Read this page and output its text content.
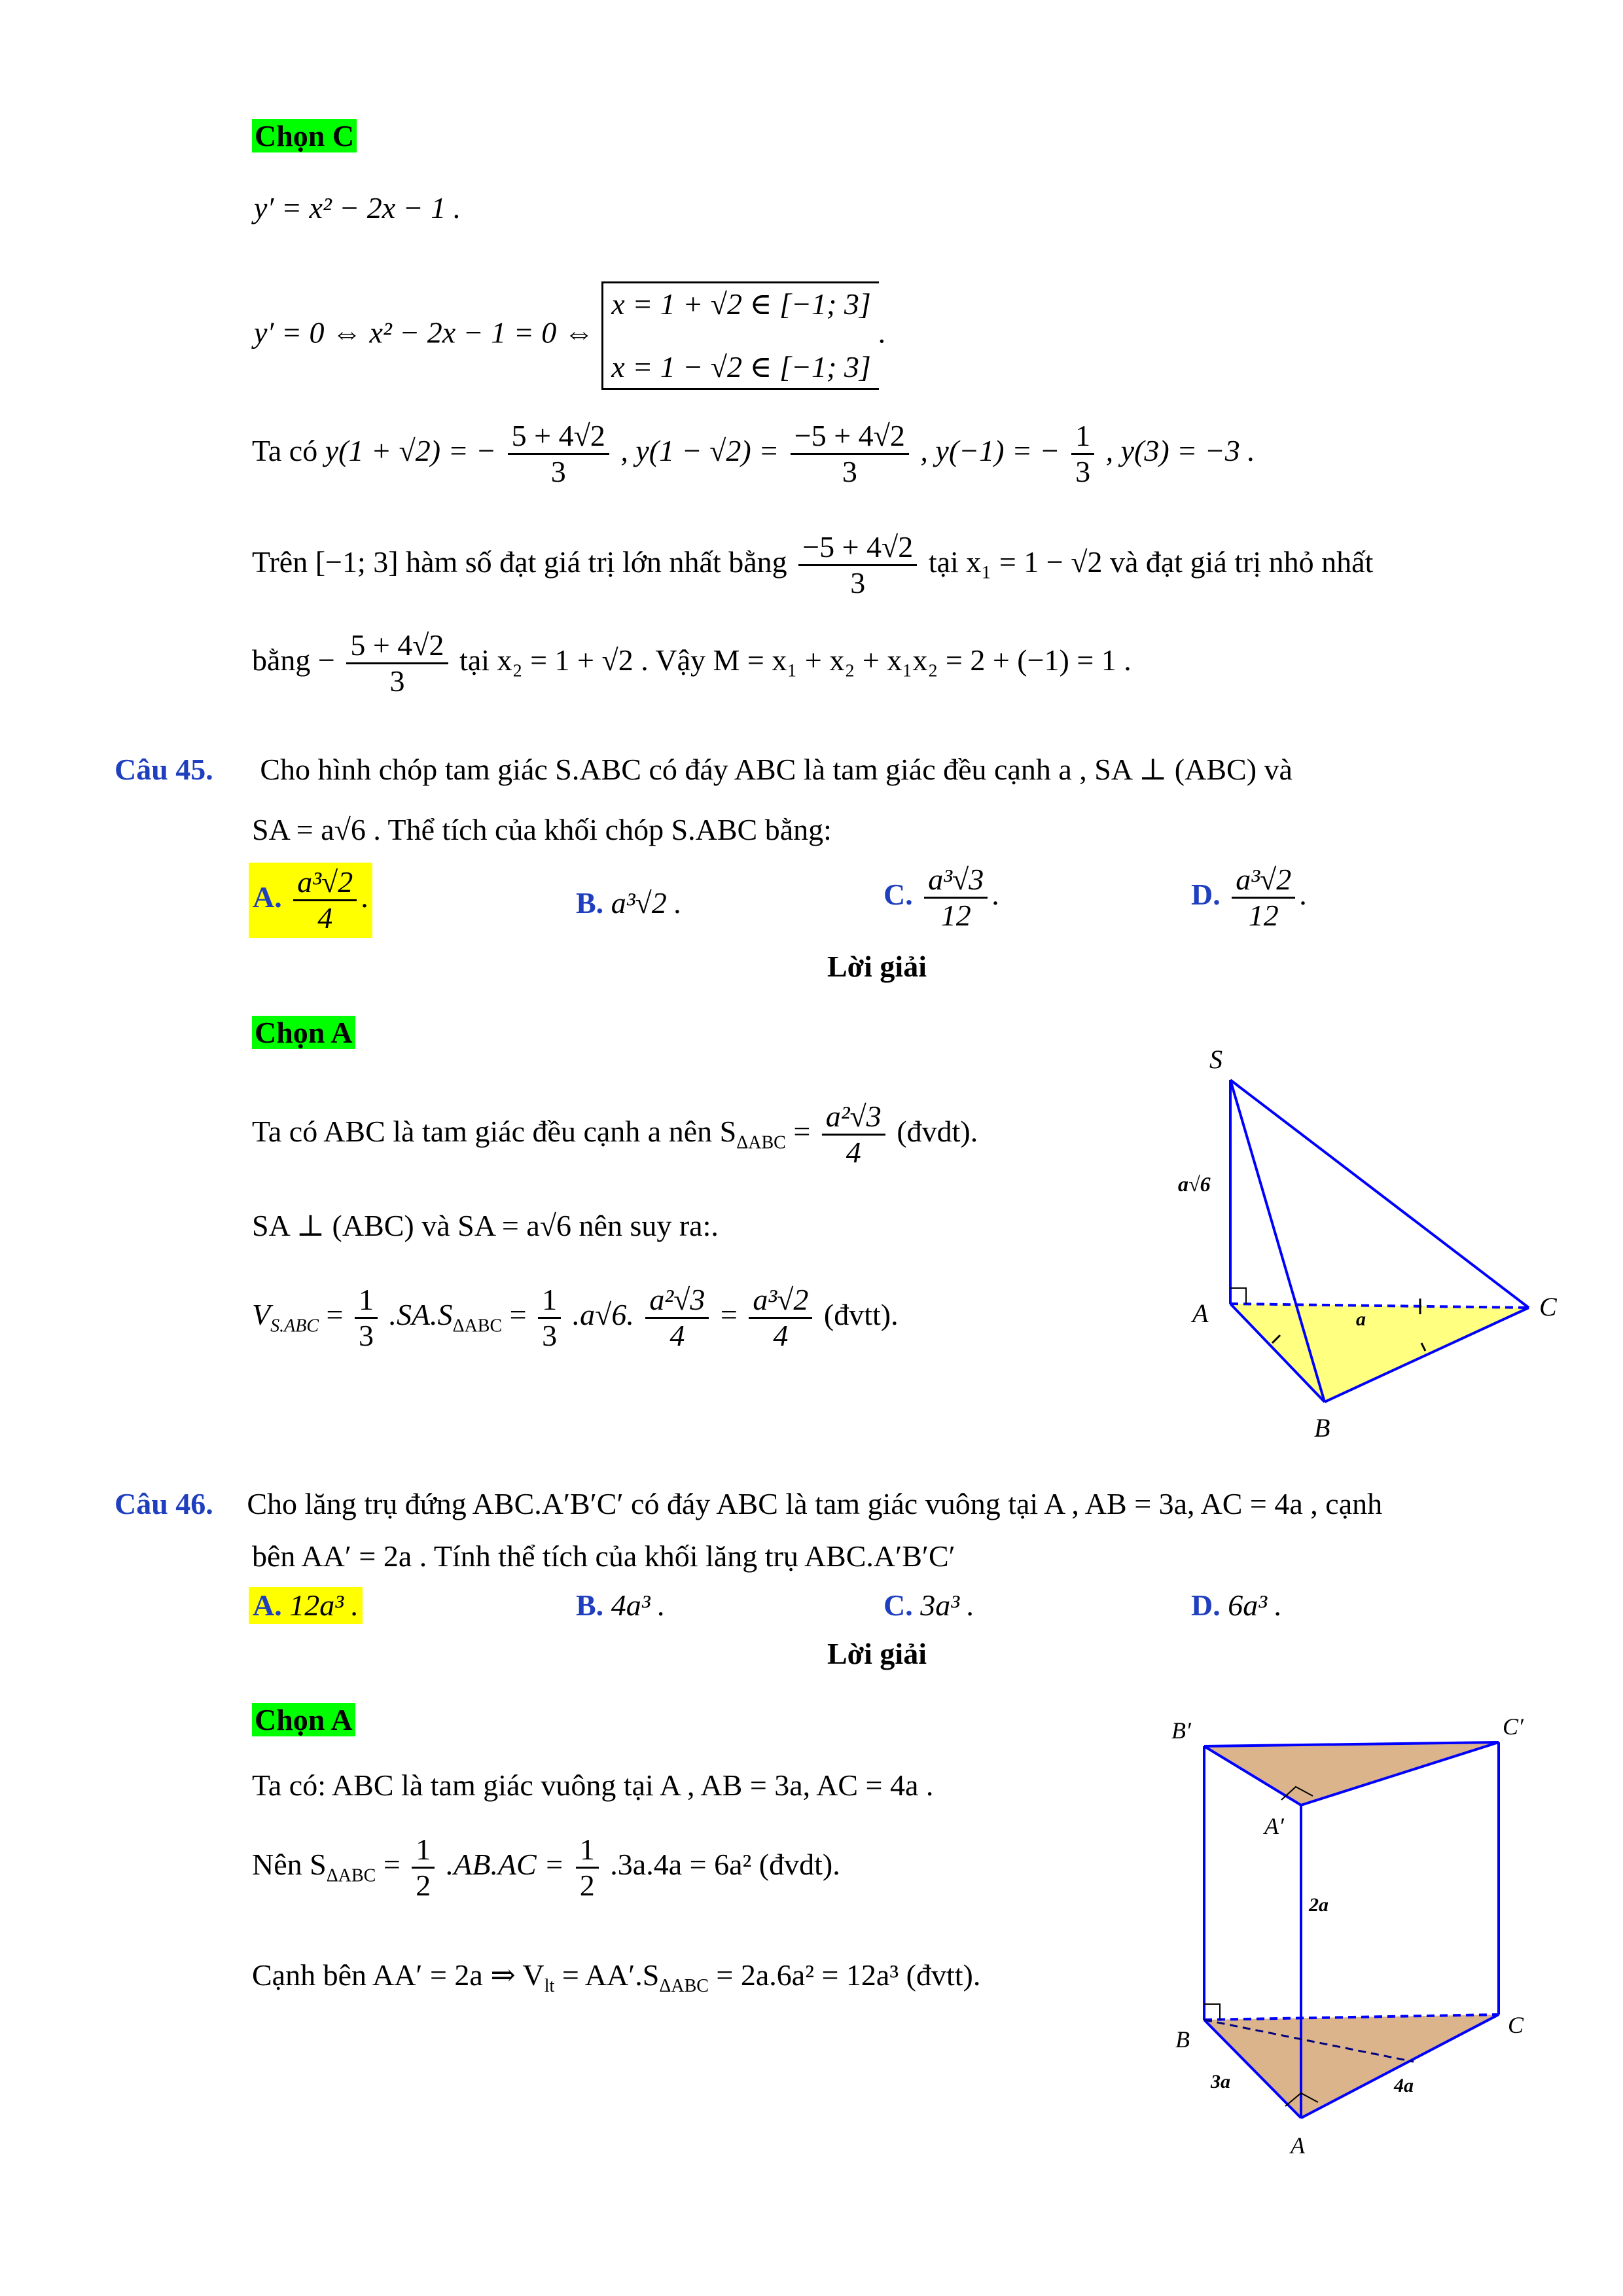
Chọn C
y′ = x² − 2x − 1 .
y′ = 0 ⇔ x² − 2x − 1 = 0 ⇔
x = 1 + √2 ∈ [−1; 3]
x = 1 − √2 ∈ [−1; 3]
.
Ta có y(1 + √2) = − $\frac{5 + 4√2}{3}$ , $y(1 - √2) = \frac{-5 + 4√2}{3}$ , y(−1) = − $\frac{1}{3}$ , y(3) = −3 .
Trên [−1; 3] hàm số đạt giá trị lớn nhất bằng $\frac{-5 + 4√2}{3}$ tại x₁ = 1 − √2 và đạt giá trị nhỏ nhất
bằng − $\frac{5 + 4√2}{3}$ tại x₂ = 1 + √2 . Vậy M = x₁ + x₂ + x₁x₂ = 2 + (−1) = 1 .
Câu 45. Cho hình chóp tam giác S.ABC có đáy ABC là tam giác đều cạnh a , SA ⊥ (ABC) và
SA = a√6 . Thể tích của khối chóp S.ABC bằng:
A. $\frac{\text{a³√2}}{4}$ .	B. a³√2 .	C. $\frac{\text{a³√3}}{12}$ .	D. $\frac{\text{a³√2}}{12}$ .
Lời giải
Chọn A
Ta có ABC là tam giác đều cạnh a nên $S_{\Delta ABC} = \frac{\text{a²√3}}{4}$ (đvdt).
SA ⊥ (ABC) và SA = a√6 nên suy ra:.
$V_{S.ABC} = \frac{1}{3} .SA.S_{\Delta ABC} = \frac{1}{3} .a√6$. $\frac{\text{a²√3}}{4} = \frac{\text{a³√2}}{4}$ (đvtt).
S
A
B
C
a√6
a
Câu 46. Cho lăng trụ đứng ABC.A′B′C′ có đáy ABC là tam giác vuông tại A , AB = 3a, AC = 4a , cạnh
bên AA′ = 2a . Tính thể tích của khối lăng trụ ABC.A′B′C′
A. 12a³ .	B. 4a³ .	C. 3a³ .	D. 6a³ .
Lời giải
Chọn A
Ta có: ABC là tam giác vuông tại A , AB = 3a, AC = 4a .
Nên $S_{\Delta ABC} = \frac{1}{2} .AB.AC = \frac{1}{2} .3a.4a = 6a^2$ (đvdt).
Cạnh bên AA′ = 2a ⇒ $V_{lt} = AA'.S_{\Delta ABC} = 2a.6a^2 = 12a^3$ (đvtt).
B′	C′
A′
B
C
A
2a
3a	4a
